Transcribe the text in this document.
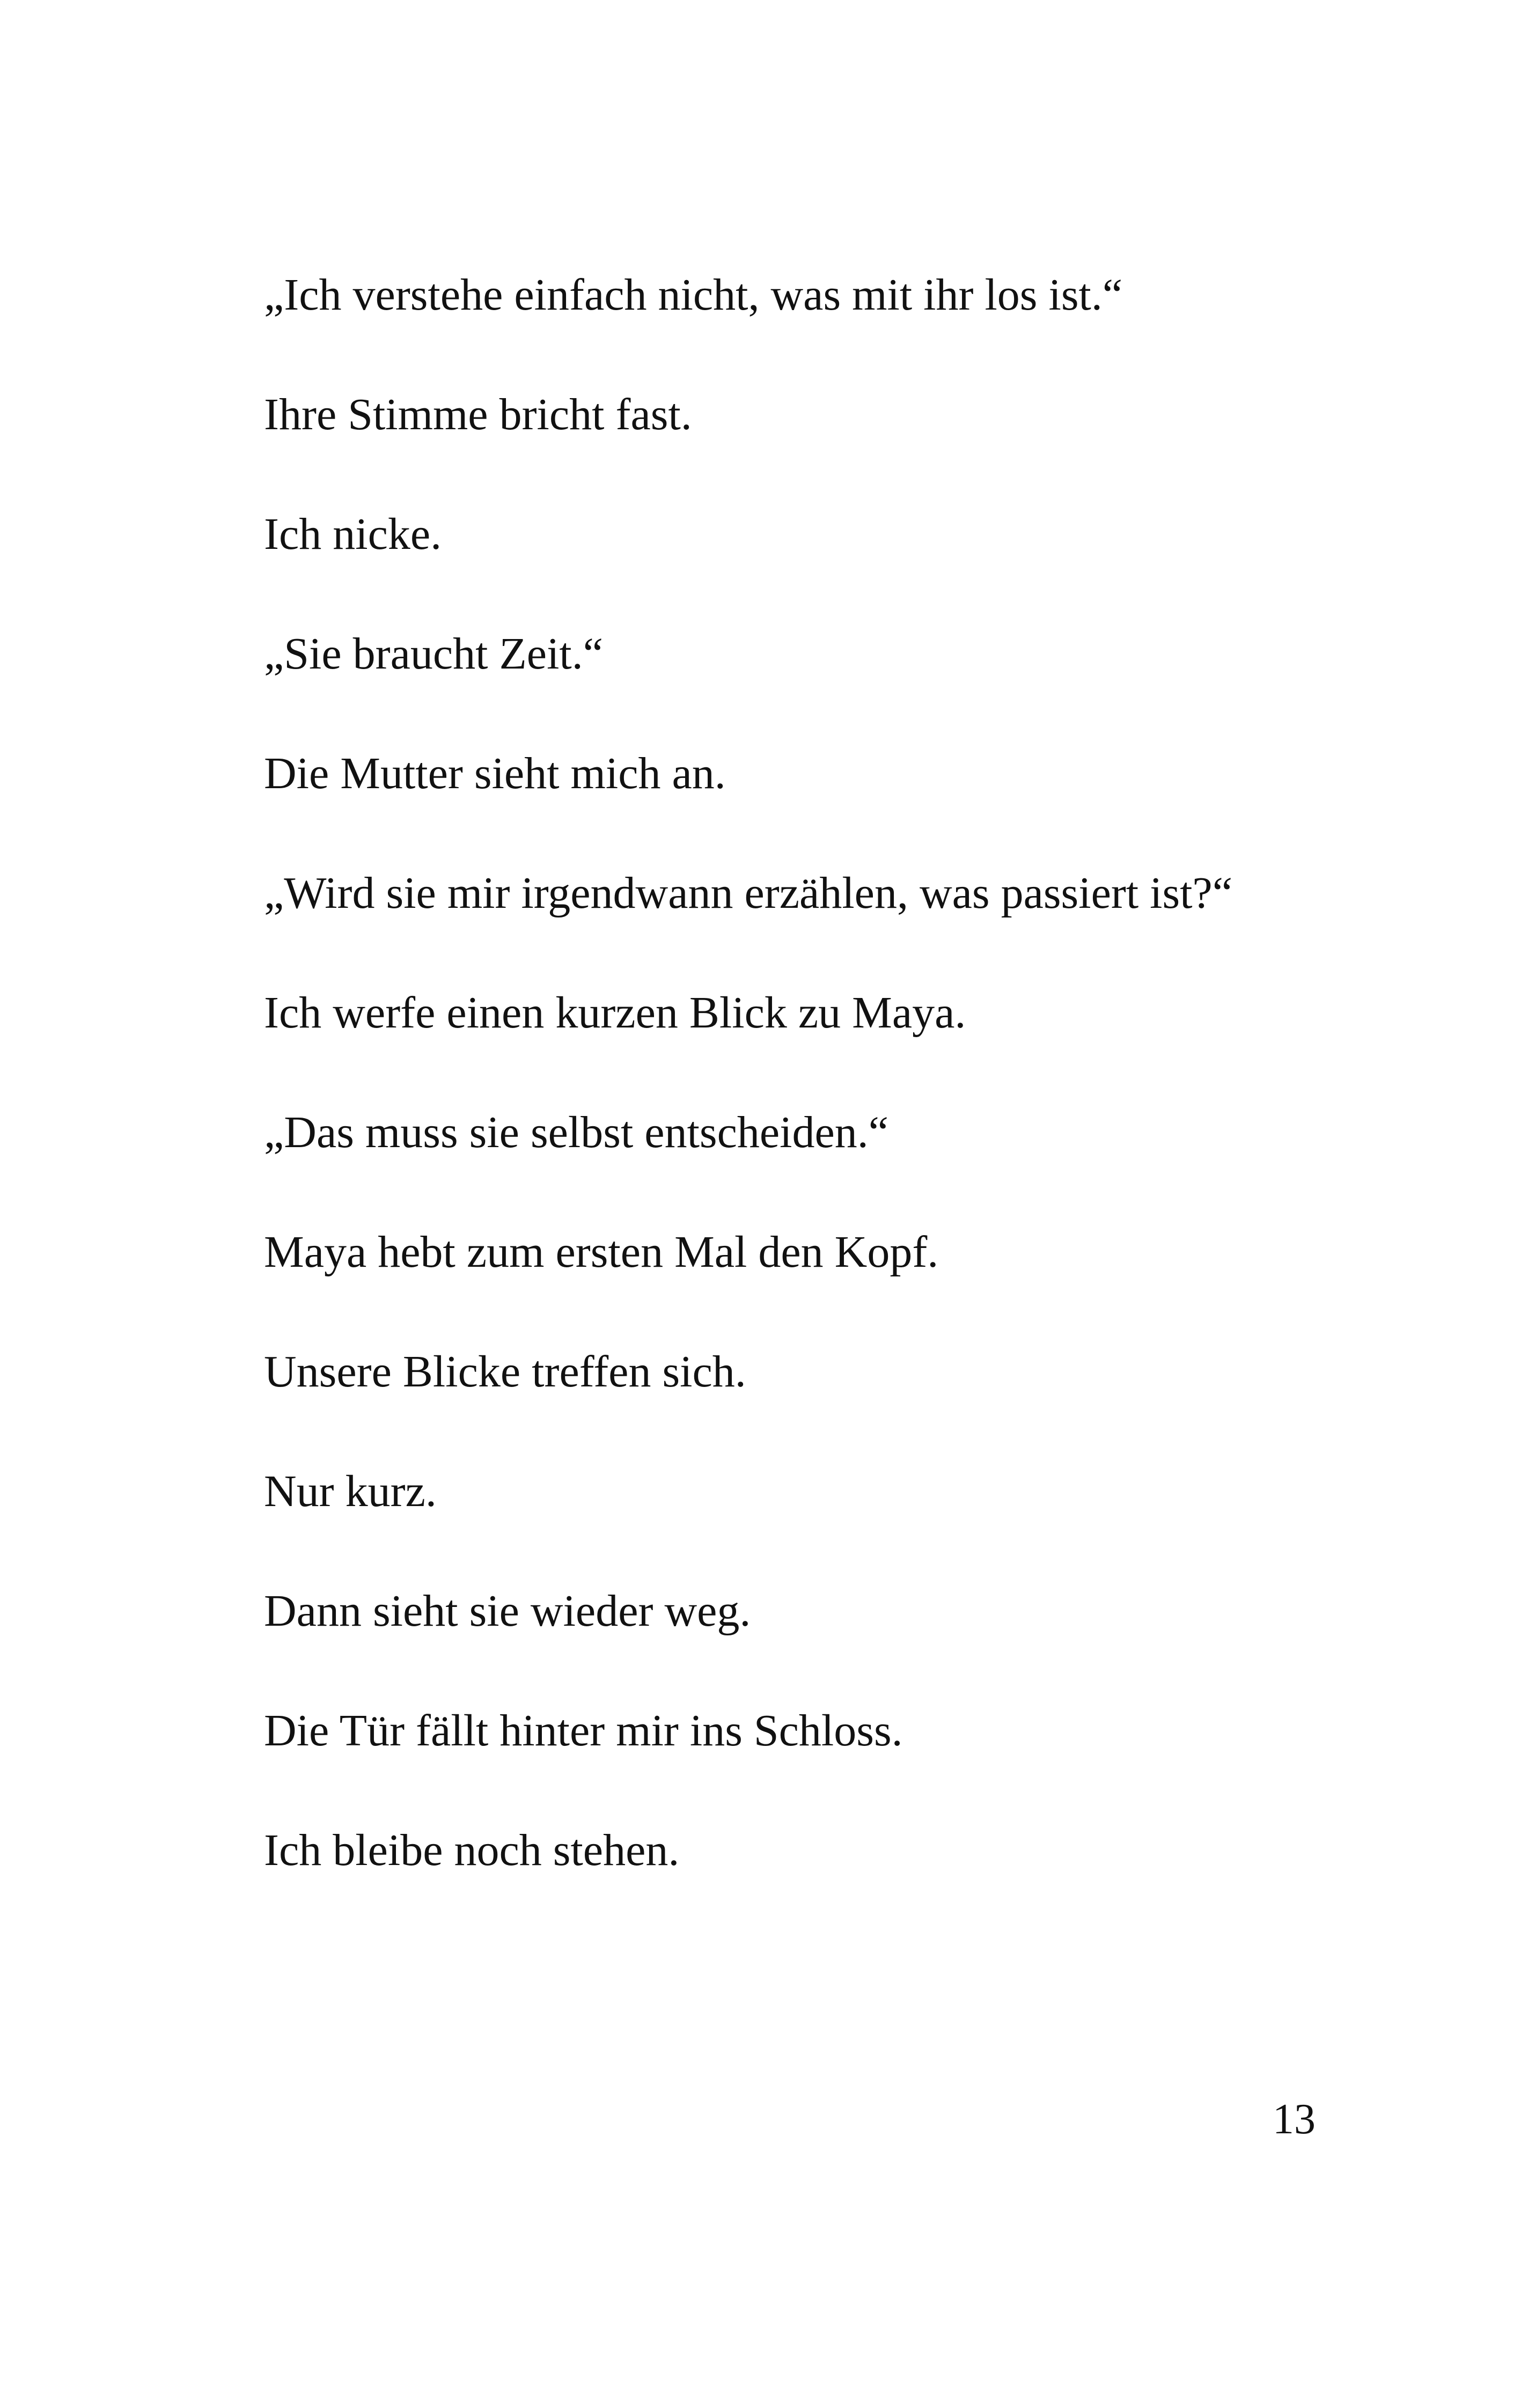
„Ich verstehe einfach nicht, was mit ihr los ist.“

Ihre Stimme bricht fast.

Ich nicke.

„Sie braucht Zeit.“

Die Mutter sieht mich an.

„Wird sie mir irgendwann erzählen, was passiert ist?“

Ich werfe einen kurzen Blick zu Maya.

„Das muss sie selbst entscheiden.“

Maya hebt zum ersten Mal den Kopf.

Unsere Blicke treffen sich.

Nur kurz.

Dann sieht sie wieder weg.

Die Tür fällt hinter mir ins Schloss.

Ich bleibe noch stehen.

13
